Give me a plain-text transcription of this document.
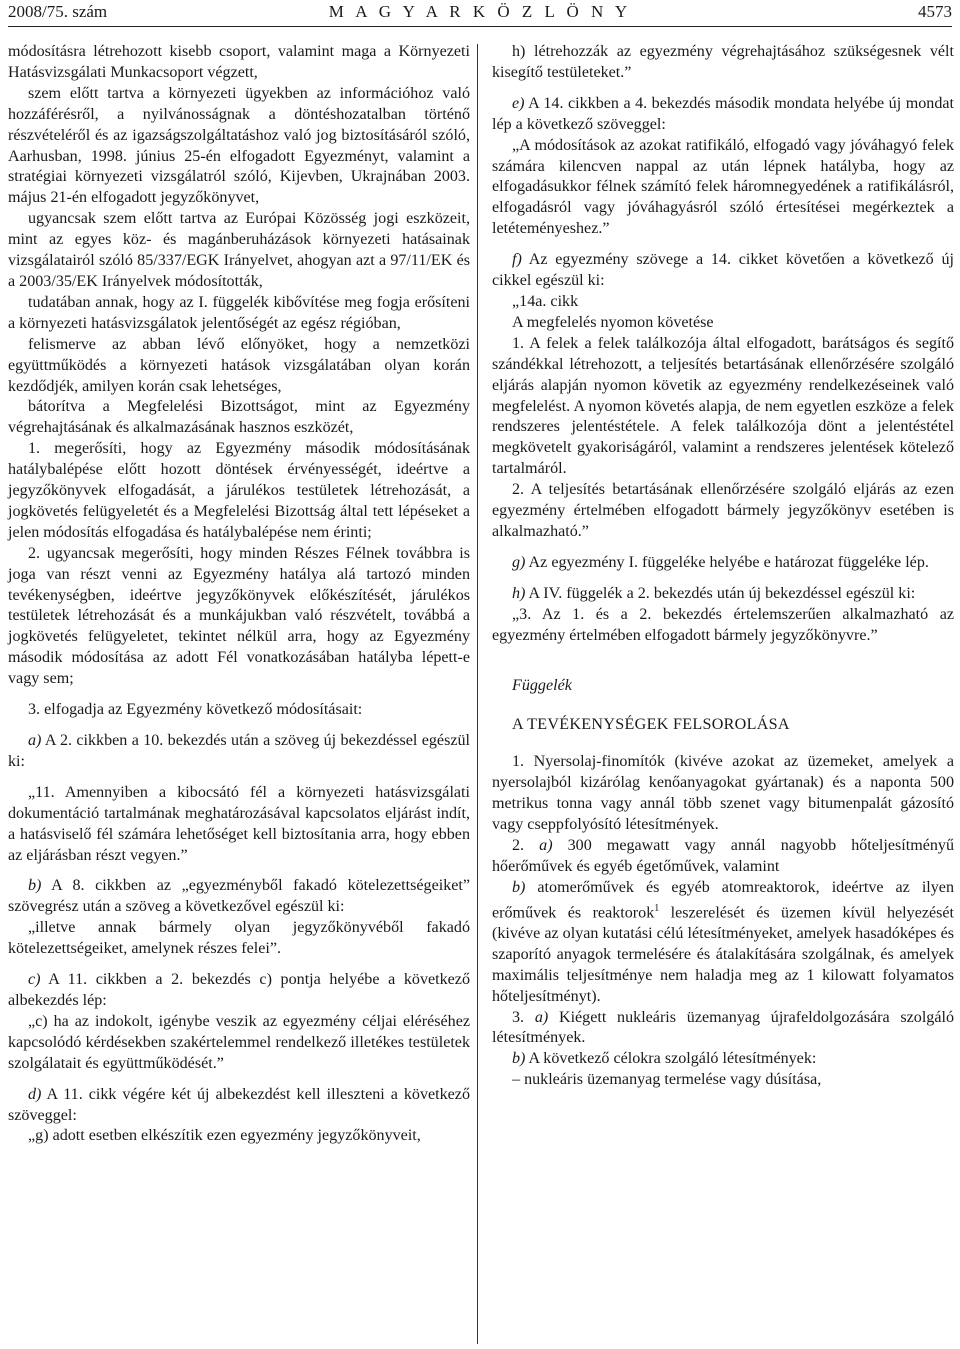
2008/75. szám	M A G Y A R K Ö Z L Ö N Y	4573

módosításra létrehozott kisebb csoport, valamint maga a Környezeti Hatásvizsgálati Munkacsoport végzett,

szem előtt tartva a környezeti ügyekben az információhoz való hozzáférésről, a nyilvánosságnak a döntéshozatalban történő részvételéről és az igazságszolgáltatáshoz való jog biztosításáról szóló, Aarhusban, 1998. június 25-én elfogadott Egyezményt, valamint a stratégiai környezeti vizsgálatról szóló, Kijevben, Ukrajnában 2003. május 21-én elfogadott jegyzőkönyvet,

ugyancsak szem előtt tartva az Európai Közösség jogi eszközeit, mint az egyes köz- és magánberuházások környezeti hatásainak vizsgálatairól szóló 85/337/EGK Irányelvet, ahogyan azt a 97/11/EK és a 2003/35/EK Irányelvek módosították,

tudatában annak, hogy az I. függelék kibővítése meg fogja erősíteni a környezeti hatásvizsgálatok jelentőségét az egész régióban,

felismerve az abban lévő előnyöket, hogy a nemzetközi együttműködés a környezeti hatások vizsgálatában olyan korán kezdődjék, amilyen korán csak lehetséges,

bátorítva a Megfelelési Bizottságot, mint az Egyezmény végrehajtásának és alkalmazásának hasznos eszközét,

1. megerősíti, hogy az Egyezmény második módosításának hatálybalépése előtt hozott döntések érvényességét, ideértve a jegyzőkönyvek elfogadását, a járulékos testületek létrehozását, a jogkövetés felügyeletét és a Megfelelési Bizottság által tett lépéseket a jelen módosítás elfogadása és hatálybalépése nem érinti;

2. ugyancsak megerősíti, hogy minden Részes Félnek továbbra is joga van részt venni az Egyezmény hatálya alá tartozó minden tevékenységben, ideértve jegyzőkönyvek előkészítését, járulékos testületek létrehozását és a munkájukban való részvételt, továbbá a jogkövetés felügyeletet, tekintet nélkül arra, hogy az Egyezmény második módosítása az adott Fél vonatkozásában hatályba lépett-e vagy sem;

3. elfogadja az Egyezmény következő módosításait:

a) A 2. cikkben a 10. bekezdés után a szöveg új bekezdéssel egészül ki:

„11. Amennyiben a kibocsátó fél a környezeti hatásvizsgálati dokumentáció tartalmának meghatározásával kapcsolatos eljárást indít, a hatásviselő fél számára lehetőséget kell biztosítania arra, hogy ebben az eljárásban részt vegyen.”

b) A 8. cikkben az „egyezményből fakadó kötelezettségeiket” szövegrész után a szöveg a következővel egészül ki:

„illetve annak bármely olyan jegyzőkönyvéből fakadó kötelezettségeiket, amelynek részes felei”.

c) A 11. cikkben a 2. bekezdés c) pontja helyébe a következő albekezdés lép:

„c) ha az indokolt, igénybe veszik az egyezmény céljai eléréséhez kapcsolódó kérdésekben szakértelemmel rendelkező illetékes testületek szolgálatait és együttműködését.”

d) A 11. cikk végére két új albekezdést kell illeszteni a következő szöveggel:

„g) adott esetben elkészítik ezen egyezmény jegyzőkönyveit,

h) létrehozzák az egyezmény végrehajtásához szükségesnek vélt kisegítő testületeket.”

e) A 14. cikkben a 4. bekezdés második mondata helyébe új mondat lép a következő szöveggel:

„A módosítások az azokat ratifikáló, elfogadó vagy jóváhagyó felek számára kilencven nappal az után lépnek hatályba, hogy az elfogadásukkor félnek számító felek háromnegyedének a ratifikálásról, elfogadásról vagy jóváhagyásról szóló értesítései megérkeztek a letéteményeshez.”

f) Az egyezmény szövege a 14. cikket követően a következő új cikkel egészül ki:

„14a. cikk

A megfelelés nyomon követése

1. A felek a felek találkozója által elfogadott, barátságos és segítő szándékkal létrehozott, a teljesítés betartásának ellenőrzésére szolgáló eljárás alapján nyomon követik az egyezmény rendelkezéseinek való megfelelést. A nyomon követés alapja, de nem egyetlen eszköze a felek rendszeres jelentéstétele. A felek találkozója dönt a jelentéstétel megkövetelt gyakoriságáról, valamint a rendszeres jelentések kötelező tartalmáról.

2. A teljesítés betartásának ellenőrzésére szolgáló eljárás az ezen egyezmény értelmében elfogadott bármely jegyzőkönyv esetében is alkalmazható.”

g) Az egyezmény I. függeléke helyébe e határozat függeléke lép.

h) A IV. függelék a 2. bekezdés után új bekezdéssel egészül ki:

„3. Az 1. és a 2. bekezdés értelemszerűen alkalmazható az egyezmény értelmében elfogadott bármely jegyzőkönyvre.”

Függelék

A TEVÉKENYSÉGEK FELSOROLÁSA

1. Nyersolaj-finomítók (kivéve azokat az üzemeket, amelyek a nyersolajból kizárólag kenőanyagokat gyártanak) és a naponta 500 metrikus tonna vagy annál több szenet vagy bitumenpalát gázosító vagy cseppfolyósító létesítmények.

2. a) 300 megawatt vagy annál nagyobb hőteljesítményű hőerőművek és egyéb égetőművek, valamint

b) atomerőművek és egyéb atomreaktorok, ideértve az ilyen erőművek és reaktorok$^1$ leszerelését és üzemen kívül helyezését (kivéve az olyan kutatási célú létesítményeket, amelyek hasadóképes és szaporító anyagok termelésére és átalakítására szolgálnak, és amelyek maximális teljesítménye nem haladja meg az 1 kilowatt folyamatos hőteljesítményt).

3. a) Kiégett nukleáris üzemanyag újrafeldolgozására szolgáló létesítmények.

b) A következő célokra szolgáló létesítmények:

– nukleáris üzemanyag termelése vagy dúsítása,
